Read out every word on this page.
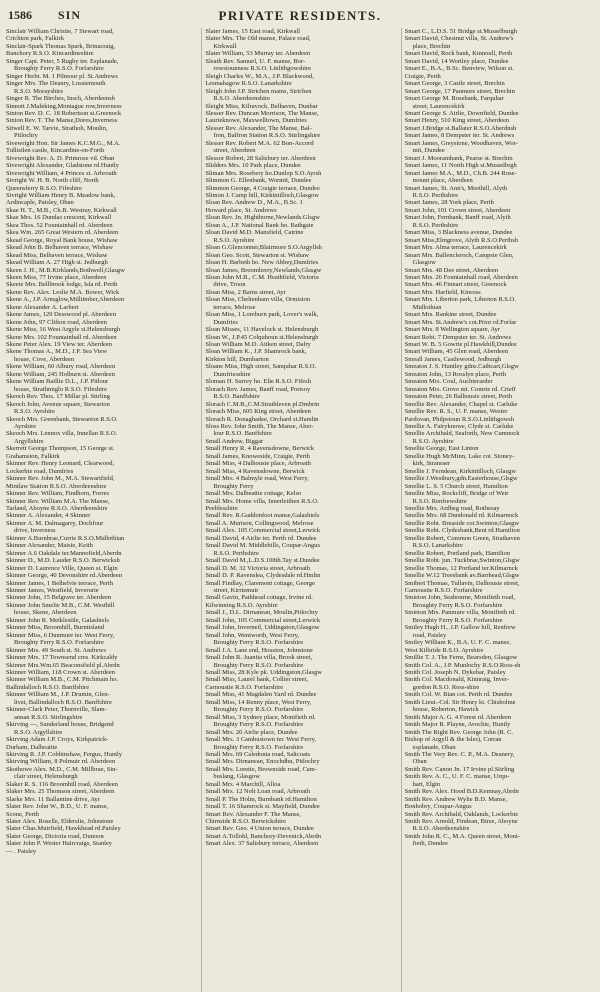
1586 SIN	PRIVATE RESIDENTS.
Sinclair William Christie, 7 Stewart road,
Crichton park, Falkirk
Sinclair-Spark Thomas Spark, Brinacraig,
Banchory R.S.O. Kincardineshire
Singer Capt. Peter, 5 Rugby ter. Esplanade,
Broughty Ferry R.S.O. Forfarshire
Singer Herbt. M. 1 Pilmour pl. St.Andrews
Singer Mrs. The Deanry, Lossiemouth
R.S.O. Morayshire
Singer R. The Birches, Insch, Aberdeensh
Sinnott J.Mafeking,Montague row,Inverness
Sinton Rev. D. C. 18 Robertson st.Greenock
Sinton Rev. T. The Manse,Dores,Inverness
Sitwell E. W. Tarvie, Strathoh, Moulin,
Pitlochry
Sivewright Hon. Sir James K.C.M.G., M.A.
Tullisilen castle, Kincardine-on-Forth
Sivewright Rev. A. D. Primrose vil. Oban
Sivewright Alexander, Gladstone rd.Huntly
Sivewright William, 4 Princes st. Arbroath
Sivright W. H. B. North cliff, North
Queensferry R.S.O. Fifeshire
Sivright William Henry B. Meadow bank,
Ardincaple, Paisley, Oban
Skae H. T., M.B., Ch.B. Westray, Kirkwall
Skae Mrs. 16 Dundas crescent, Kirkwall
Skea Thos. 52 Fountainhall rd. Aberdeen
Skea Wm. 265 Great Western rd. Aberdeen
Skead George, Royal Bank house, Wishaw
Skead John B. Belhaven terrace, Wishaw
Skead Miss, Belhaven terrace, Wishaw
Skead William A. 27 High st. Jedburgh
Skeen J. H., M.B.Kirklands,Bothwell,Glasgw
Skeen Miss, 77 Irvine place, Aberdeen
Skeete Mrs. Bellbrook lodge, Isla rd. Perth
Skene Rev. Alex. Leslie M.A. Bower, Wick
Skene A., J.P. Arnsglow,Milltimber,Aberdeen
Skene Alexander A. Larbert
Skene James, 129 Desswood pl. Aberdeen
Skene John, 97 Clifton road, Aberdeen
Skene Miss, 16 West Argyle st.Helensburgh
Skene Mrs. 102 Fountainhall rd. Aberdeen
Skene Peter Alex. 19 View ter. Aberdeen
Skene Thomas A., M.D., J.P. Sea View
house, Cove, Aberdeen
Skene William, 60 Albury road, Aberdeen
Skene William, 245 Holburn st. Aberdeen
Skene William Baillie D.L., J.P. Pitlour
house, Strathmiglo R.S.O. Fifeshire
Skeoch Rev. Thos. 17 Millar pl. Stirling
Skeoch John, Avenue square, Stewarton
R.S.O. Ayrshire
Skeoch Mrs. Greenbank, Stewarton R.S.O.
Ayrshire
Skeoch Mrs. Lennox villa, Innellan R.S.O.
Argyllshire
Skerrett George Thompson, 15 George st.
Grahamston, Falkirk
Skinner Rev. Henry Leonard, Clearwood,
Lockerbie road, Dumfries
Skinner Rev. John M., M.A. Stewartfield,
Mintlaw Station R.S.O. Aberdeenshire
Skinner Rev. William, Findhorn, Forres
Skinner Rev. William M.A. The Manse,
Tarland, Aboyne R.S.O. Aberdeenshire
Skinner A. Alexander, 4 Skinner
Skinner A. M. Dalmagarry, Dochfour
drive, Inverness
Skinner A.Burnbrae,Currie R.S.O.Midlothian
Skinner Alexander, Maisie, Keith
Skinner A.6 Oakdale ter.Mannofield,Aberdn
Skinner D., M.D. Lauder R.S.O. Berwicksh
Skinner D. Laurence Ville, Queen st. Elgin
Skinner George, 40 Devonshire rd.Aberdeen
Skinner James, 1 Belhelvie terrace, Perth
Skinner James, Westfield, Inverurie
Skinner John, 15 Belgrave ter. Aberdeen
Skinner John Smelie M.B., C.M. Westhill
house, Skene, Aberdeen
Skinner John R. Meiklestile, Galashiels
Skinner Miss, Broomhill, Burntisland
Skinner Miss, 6 Dunmure ter. West Ferry,
Broughty Ferry R.S.O. Forfarshire
Skinner Mrs. 49 South st. St. Andrews
Skinner Mrs. 17 Townsend cres. Kirkcaldy
Skinner Mrs.Wm.65 Beaconsfield pl.Abrdn
Skinner William, 118 Crown st. Aberdeen
Skinner William M.B., C.M. Pitchmain ho.
Ballindalloch R.S.O. Banffshire
Skinner William M., J.P. Drumin, Glen-
livet, Ballindalloch R.S.O. Banffshire
Skinner-Clark Peter, Thornville, Slam-
annan R.S.O. Stirlingshire
Skirving —, Sunderland house, Bridgend
R.S.O. Argyllshire
Skirving Adam J.P. Croys, Kirkpatrick-
Durham, Dalbeattie
Skirving R. J.P. Cobbinshaw, Fergus, Huntly
Skirving William, 8 Polmuir rd. Aberdeen
Skothowe Alex. M.D., C.M. Millbrae, Sin-
clair street, Helensburgh
Slaker R. S. 116 Broomhill road, Aberdeen
Slaker Mrs. 25 Thomson street, Aberdeen
Slarke Mrs. 11 Ballantine drive, Ayr
Slater Rev. John W., B.D., U. F. manse,
Scone, Perth
Slater Alex. Roselle, Elderslie, Johnstone
Slater Chas.Muirfield, Hawkhead rd.Paisley
Slater George, Dictoria road, Dunoon
Slater John P. Wester Haircraigs, Stanley
— . Paisley
Slater James, 15 East road, Kirkwall
Slater Mrs. The Old manse, Palace road,
Kirkwall
Slater William, 53 Murray ter. Aberdeen
Sleath Rev. Samuel, U. F. manse, Bor-
rowstounness R.S.O. Linlithgowshire
Sleigh Charles W., M.A., J.P. Blackwood,
Lesmahagow R.S.O. Lanarkshire
Sleigh John J.P. Strichen mains, Strichen
R.S.O. Aberdeenshire
Sleight Miss, Kilravock, Belhaven, Dunbar
Slesser Rev. Duncan Morrison, The Manse,
Laurieknowe, Maxwelltown, Dumfries
Slesser Rev. Alexander, The Manse, Bal-
fron, Balfron Station R.S.O. Stirlingshire
Slesser Rev. Robert M.A. 62 Bon-Accord
street, Aberdeen
Slessor Robert, 28 Salisbury ter. Aberdeen
Slidders Mrs. 10 Park place, Dundee
Sliman Mrs. Rosebery ho.Dunlop S.O.Ayrsh
Slimmon G. Ellenbank, Wormit, Dundee
Slimmon George, 4 Craigie terrace, Dundee
Slimon J. Camp hill, Kirkintilloch,Glasgow
Sloan Rev. Andrew D., M.A., B.Sc. 1
Howard place, St. Andrews
Sloan Rev. Jn. Highthorne,Newlands.Glsgw
Sloan A., J.P. National Bank ho. Bathgate
Sloan David M.D. Mansfield, Catrine
R.S.O. Ayrshire
Sloan G.Glenconner,Blairmore S.O.Argyllsh
Sloan Geo. Scott, Stewarton st. Wishaw
Sloan H. Barbeth ho. New Abbey,Dumfries
Sloan James, Broomberry,Newlands,Glasgw
Sloan John M.B., C.M. Heathfield, Victoria
drive, Troon
Sloan Miss, 2 Barns street, Ayr
Sloan Miss, Cheltenham villa, Ormiston
terrace, Melrose
Sloan Miss, 1 Loreburn park, Lover's walk,
Dumfries
Sloan Misses, 11 Havelock st. Helensburgh
Sloan W., J.P.45 Colquhoun st.Helensburgh
Sloan William M.D. Aitken street, Dalry
Sloan William K., J.P. Shamrock bank,
Kirkton hill, Dumbarton
Sloane Miss, High street, Sanquhar R.S.O.
Dumfriesshire
Sloman H. Surrey ho. Elie R.S.O. Fifesh
Slorach Rev. James, Banff road, Portsoy
R.S.O. Banffshire
Slorach C.M.B.,C.M.Strathleven pl.Dmbrtn
Slorach Miss, 605 King street, Aberdeen
Slorach R. Donaghadee, Orchard st.Hamltn
Sloss Rev. John Smith, The Manse, Aber-
lour R.S.O. Banffshire
Small Andrew, Biggar
Small Henry R. 4 Ravensdowne, Berwick
Small James, Knoweside, Craigie, Perth
Small Miss, 4 Dalhousie place, Arbroath
Small Miss, 4 Ravensdowne, Berwick
Small Mrs. 4 Balmyle road, West Ferry,
Broughty Ferry
Small Mrs. Dalbeattie cottage, Kelso
Small Mrs. Home villa, Innerleithen R.S.O.
Peeblesshire
Small Rev. R.Gaddonfoot manse,Galashiels
Small A. Murison, Collingwood, Melrose
Small Alex. 105 Commercial street,Lerwick
Small David, 4 Airlie ter. Perth rd. Dundee
Small David M. Middlehills, Coupar-Angus
R.S.O. Perthshire
Small David M.,L.D.S.108th.Tay st.Dundee
Small D. M. 32 Victoria street, Arbroath
Small D. P. Ravenslea, Clydesdale rd.Hmltn
Small Findlay, Claremont cottage, George
street, Kirriemuir
Small Gavin, Pathhead cottage, Irvine rd.
Kilwinning R.S.O. Ayrshire
Small J., D.L. Dirnanean, Moulin,Pitlochry
Small John, 105 Commercial street,Lerwick
Small John, Inverneil, Uddingston,Glasgow
Small John, Wentworth, West Ferry,
Broughty Ferry R.S.O. Forfarshire
Small J.A. Lane end, Houston, Johnstone
Small John R. Juanita villa, Brook street,
Broughty Ferry R.S.O. Forfarshire
Small Miss, 28 Kyle pk. Uddingston,Glasgw
Small Miss, Laurel bank, Collier street,
Carnoustie R.S.O. Forfarshire
Small Miss, 41 Magdalen Yard rd. Dundee
Small Miss, 14 Renny place, West Ferry,
Broughty Ferry R.S.O. Forfarshire
Small Miss, 3 Sydney place, Monifieth rd.
Broughty Ferry R.S.O. Forfarshire
Small Mrs. 20 Airlie place, Dundee
Small Mrs. 3 Cambustown ter. West Ferry,
Broughty Ferry R.S.O. Forfarshire
Small Mrs. 69 Caledonia road, Saltcoats
Small Mrs. Dirnanean, Enochdhu, Pitlochry
Small Mrs. Lorette, Brownside road, Cam-
buslang, Glasgow
Small Mrs. 4 Marchill, Alloa
Small Mrs. 12 Nolt Loan road, Arbroath
Small P. The Holm, Burnbank rd.Hamilton
Small T. 16 Shamrock st. Mayfield, Dundee
Smart Rev. Alexander F. The Manse,
Chirnside R.S.O. Berwickshire
Smart Rev. Geo. 4 Union terrace, Dundee
Smart A.Tollohl, Banchory-Devenick,Abrdn
Smart Alex. 37 Salisbury terrace, Aberdeen
Smart C., L.D.S. 51 Bridge st.Musselburgh
Smart David, Chestnut villa, St. Andrew's
place, Brechin
Smart David, Rock bank, Kinnoull, Perth
Smart David, 14 Wortley place, Dundee
Smart E., B.A., B.Sc. Benview, Wilson st.
Craigie, Perth
Smart George, 3 Castle street, Brechin
Smart George, 17 Panmure street, Brechin
Smart George M. Rosebank, Farquhar
street, Laurencekirk
Smart George S. Airlie, Downfield, Dundee
Smart Henry, 510 King street, Aberdeen
Smart J.Bridge st.Ballater R.S.O.Aberdnsh
Smart James, 8 Dempster ter. St. Andrews
Smart James, Greystone, Woodhaven, Wor-
mit, Dundee
Smart J. Moorambank, Pearse st. Brechin
Smart James, 11 North High st.Musselbrgh
Smart James M.A., M.D., Ch.B. 244 Rose-
mount place, Aberdeen
Smart James, St. Ann's, Meethill, Alyth
R.S.O. Perthshire
Smart James, 28 York place, Perth
Smart John, 101 Crown street, Aberdeen
Smart John, Fernbank, Banff road, Alyth
R.S.O. Perthshire
Smart Miss, 3 Blackness avenue, Dundee
Smart Miss,Elmgrove, Alyth R.S.O.Perthsh
Smart Mrs. Alma terrace, Laurencekirk
Smart Mrs. Ballencleroch, Campsie Glen,
Glasgow
Smart Mrs. 48 Dee street, Aberdeen
Smart Mrs. 26 Fountainhall road, Aberdeen
Smart Mrs. 46 Finnart street, Greenock
Smart Mrs. Harfield, Kinross
Smart Mrs. Liberton park, Liberton R.S.O.
Midlothian
Smart Mrs. Rankine street, Dundee
Smart Mrs. St.Andrew's cot.Prior rd.Forfar
Smart Mrs. 8 Wellington square, Ayr
Smart Robt. 7 Dempster ter. St. Andrews
Smart W. B. 5 Gowrie pl.Hawkhill,Dundee
Smart William, 45 Glen road, Aberdeen
Smeall James, Castlewood, Jedburgh
Smeaton J. S. Huntley gdns.Cathcart,Glsgw
Smeaton John, 13 Rosslyn place, Perth
Smeaton Mrs. Coul, Auchterarder
Smeaton Mrs. Grove mt. Comrie rd. Crieff
Smeaton Peter, 26 Balhousie street, Perth
Smellie Rev. Alexander, Chapel st. Carluke
Smellie Rev. R. S., U. F. manse, Wester
Pardovan, Philpstoun R.S.O.Linlithgowsh
Smellie A. Fairyknowe, Clyde st. Carluke
Smellie Archibald, Seaforth, New Cumnock
R.S.O. Ayrshire
Smellie George, East Linton
Smellie Hugh McMinn, Lake cot. Stoney-
kirk, Stranraer
Smellie J. Ferndean, Kirkintilloch, Glasgw
Smellie J.Westbury,gdn.Easterhouse,Glsgw
Smellie L. S. 5 Church street, Hamilton
Smellie Miss, Rockcliff, Bridge of Weir
R.S.O. Renfrewshire
Smellie Mrs. Ardbeg road, Rothesay
Smellie Mrs. 68 Dundonald rd. Kilmarnock
Smellie Robt. Breaside cot.Swinton,Glasgw
Smellie Robt. Clydesbank,Bent rd.Hamilton
Smellie Robert, Common Green, Strathaven
R.S.O. Lanarkshire
Smellie Robert, Portland park, Hamilton
Smellie Robt. jun. Tuckbrae,Swinton,Glsgw
Smellie Thomas, 12 Portland ter.Kilmarnck
Smellie W.12 Treesbank av.Barrhead,Glsgw
Smibert Thomas, Tullavin, Dalhousie street,
Carnoustie R.S.O. Forfarshire
Smieton John, Seabourne, Monifieth road,
Broughty Ferry R.S.O. Forfarshire
Smieton Mrs. Panmure villa, Monifieth rd.
Broughty Ferry R.S.O. Forfarshire
Smiley Hugh H., J.P. Gallow hill, Renfrew
road, Paisley
Smiley William K., B.A. U. F. C. manse,
West Kilbride R.S.O. Ayrshire
Smillie T. J. The Ferns, Bearsden, Glasgow
Smith Col. A., J.P. Munlochy R.S.O.Ross-sh
Smith Col. Joseph N. Dykebar, Paisley
Smith Col. Macdonald, Kinnraig, Inver-
gordon R.S.O. Ross-shire
Smith Col. W. Bian cot. Perth rd. Dundee
Smith Lieut.-Col. Sir Henry kt. Chisholme
house, Roberton, Hawick
Smith Major A. G. 4 Forest rd. Aberdeen
Smith Major R. Playne, Avochie, Huntly
Smith The Right Rev. George John (R. C.
Bishop of Argyll & the Isles), Corran
esplanade, Oban
Smith The Very Rev. C. P., M.A. Deanery,
Oban
Smith Rev. Canon Jn. 17 Irvine pl.Stirling
Smith Rev. A. C., U. F. C. manse, Urqu-
hart, Elgin
Smith Rev. Alex. Hood B.D.Kemnay,Abrdn
Smith Rev. Andrew Wylie B.D. Manse,
Bonhobry, Coupar-Angus
Smith Rev. Archibald, Oaklands, Lockerbie
Smith Rev. Arnold, Findean, Birse, Aboyne
R.S.O. Aberdeenshire
Smith John R. C., M.A. Queen street, Moni-
fieth, Dundee
